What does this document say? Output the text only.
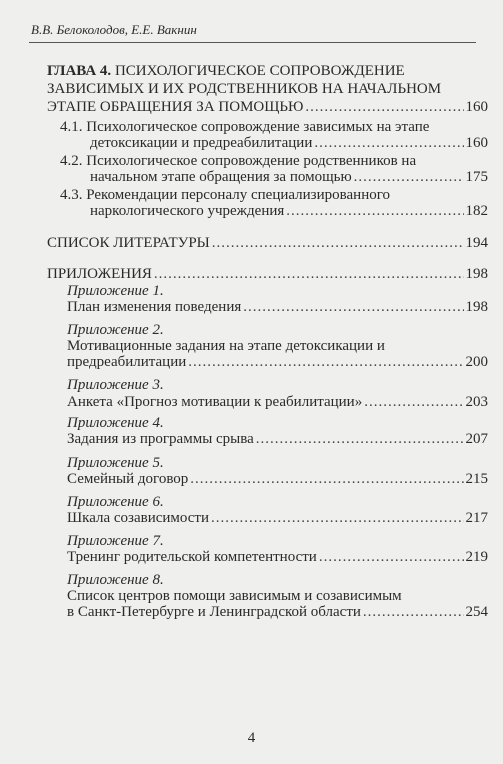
В.В. Белоколодов, Е.Е. Вакнин
ГЛАВА 4. ПСИХОЛОГИЧЕСКОЕ СОПРОВОЖДЕНИЕ
ЗАВИСИМЫХ И ИХ РОДСТВЕННИКОВ НА НАЧАЛЬНОМ
ЭТАПЕ ОБРАЩЕНИЯ ЗА ПОМОЩЬЮ .....	160
4.1. Психологическое сопровождение зависимых на этапе
детоксикации и предреабилитации .....	160
4.2. Психологическое сопровождение родственников на
начальном этапе обращения за помощью .....	175
4.3. Рекомендации персоналу специализированного
наркологического учреждения .....	182
СПИСОК ЛИТЕРАТУРЫ .....	194
ПРИЛОЖЕНИЯ .....	198
Приложение 1.
План изменения поведения .....	198
Приложение 2.
Мотивационные задания на этапе детоксикации и
предреабилитации .....	200
Приложение 3.
Анкета «Прогноз мотивации к реабилитации» .....	203
Приложение 4.
Задания из программы срыва .....	207
Приложение 5.
Семейный договор .....	215
Приложение 6.
Шкала созависимости .....	217
Приложение 7.
Тренинг родительской компетентности .....	219
Приложение 8.
Список центров помощи зависимым и созависимым
в Санкт-Петербурге и Ленинградской области .....	254
4
